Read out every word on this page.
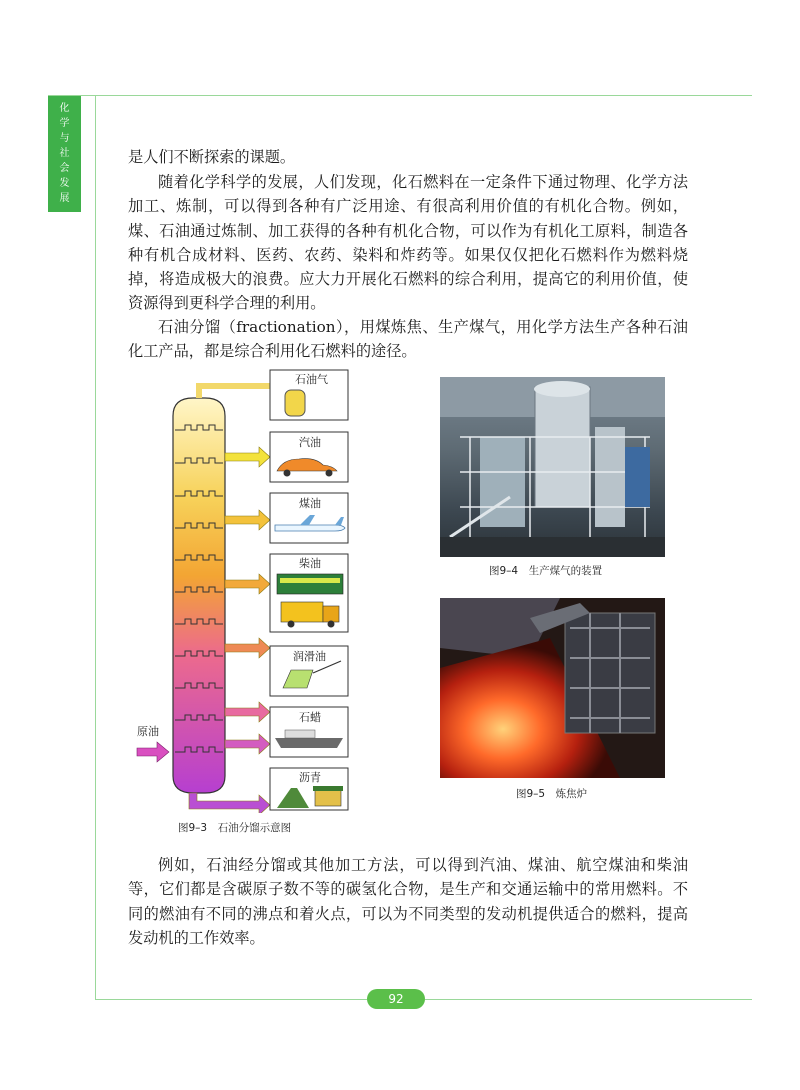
化
学
与
社
会
发
展

是人们不断探索的课题。

随着化学科学的发展，人们发现，化石燃料在一定条件下通过物理、化学方法加工、炼制，可以得到各种有广泛用途、有很高利用价值的有机化合物。例如，煤、石油通过炼制、加工获得的各种有机化合物，可以作为有机化工原料，制造各种有机合成材料、医药、农药、染料和炸药等。如果仅仅把化石燃料作为燃料烧掉，将造成极大的浪费。应大力开展化石燃料的综合利用，提高它的利用价值，使资源得到更科学合理的利用。

石油分馏（fractionation），用煤炼焦、生产煤气，用化学方法生产各种石油化工产品，都是综合利用化石燃料的途径。

原油
石油气
汽油
煤油
柴油
润滑油
石蜡
沥青
图9–3　石油分馏示意图
图9–4　生产煤气的装置
图9–5　炼焦炉

例如，石油经分馏或其他加工方法，可以得到汽油、煤油、航空煤油和柴油等，它们都是含碳原子数不等的碳氢化合物，是生产和交通运输中的常用燃料。不同的燃油有不同的沸点和着火点，可以为不同类型的发动机提供适合的燃料，提高发动机的工作效率。

92
